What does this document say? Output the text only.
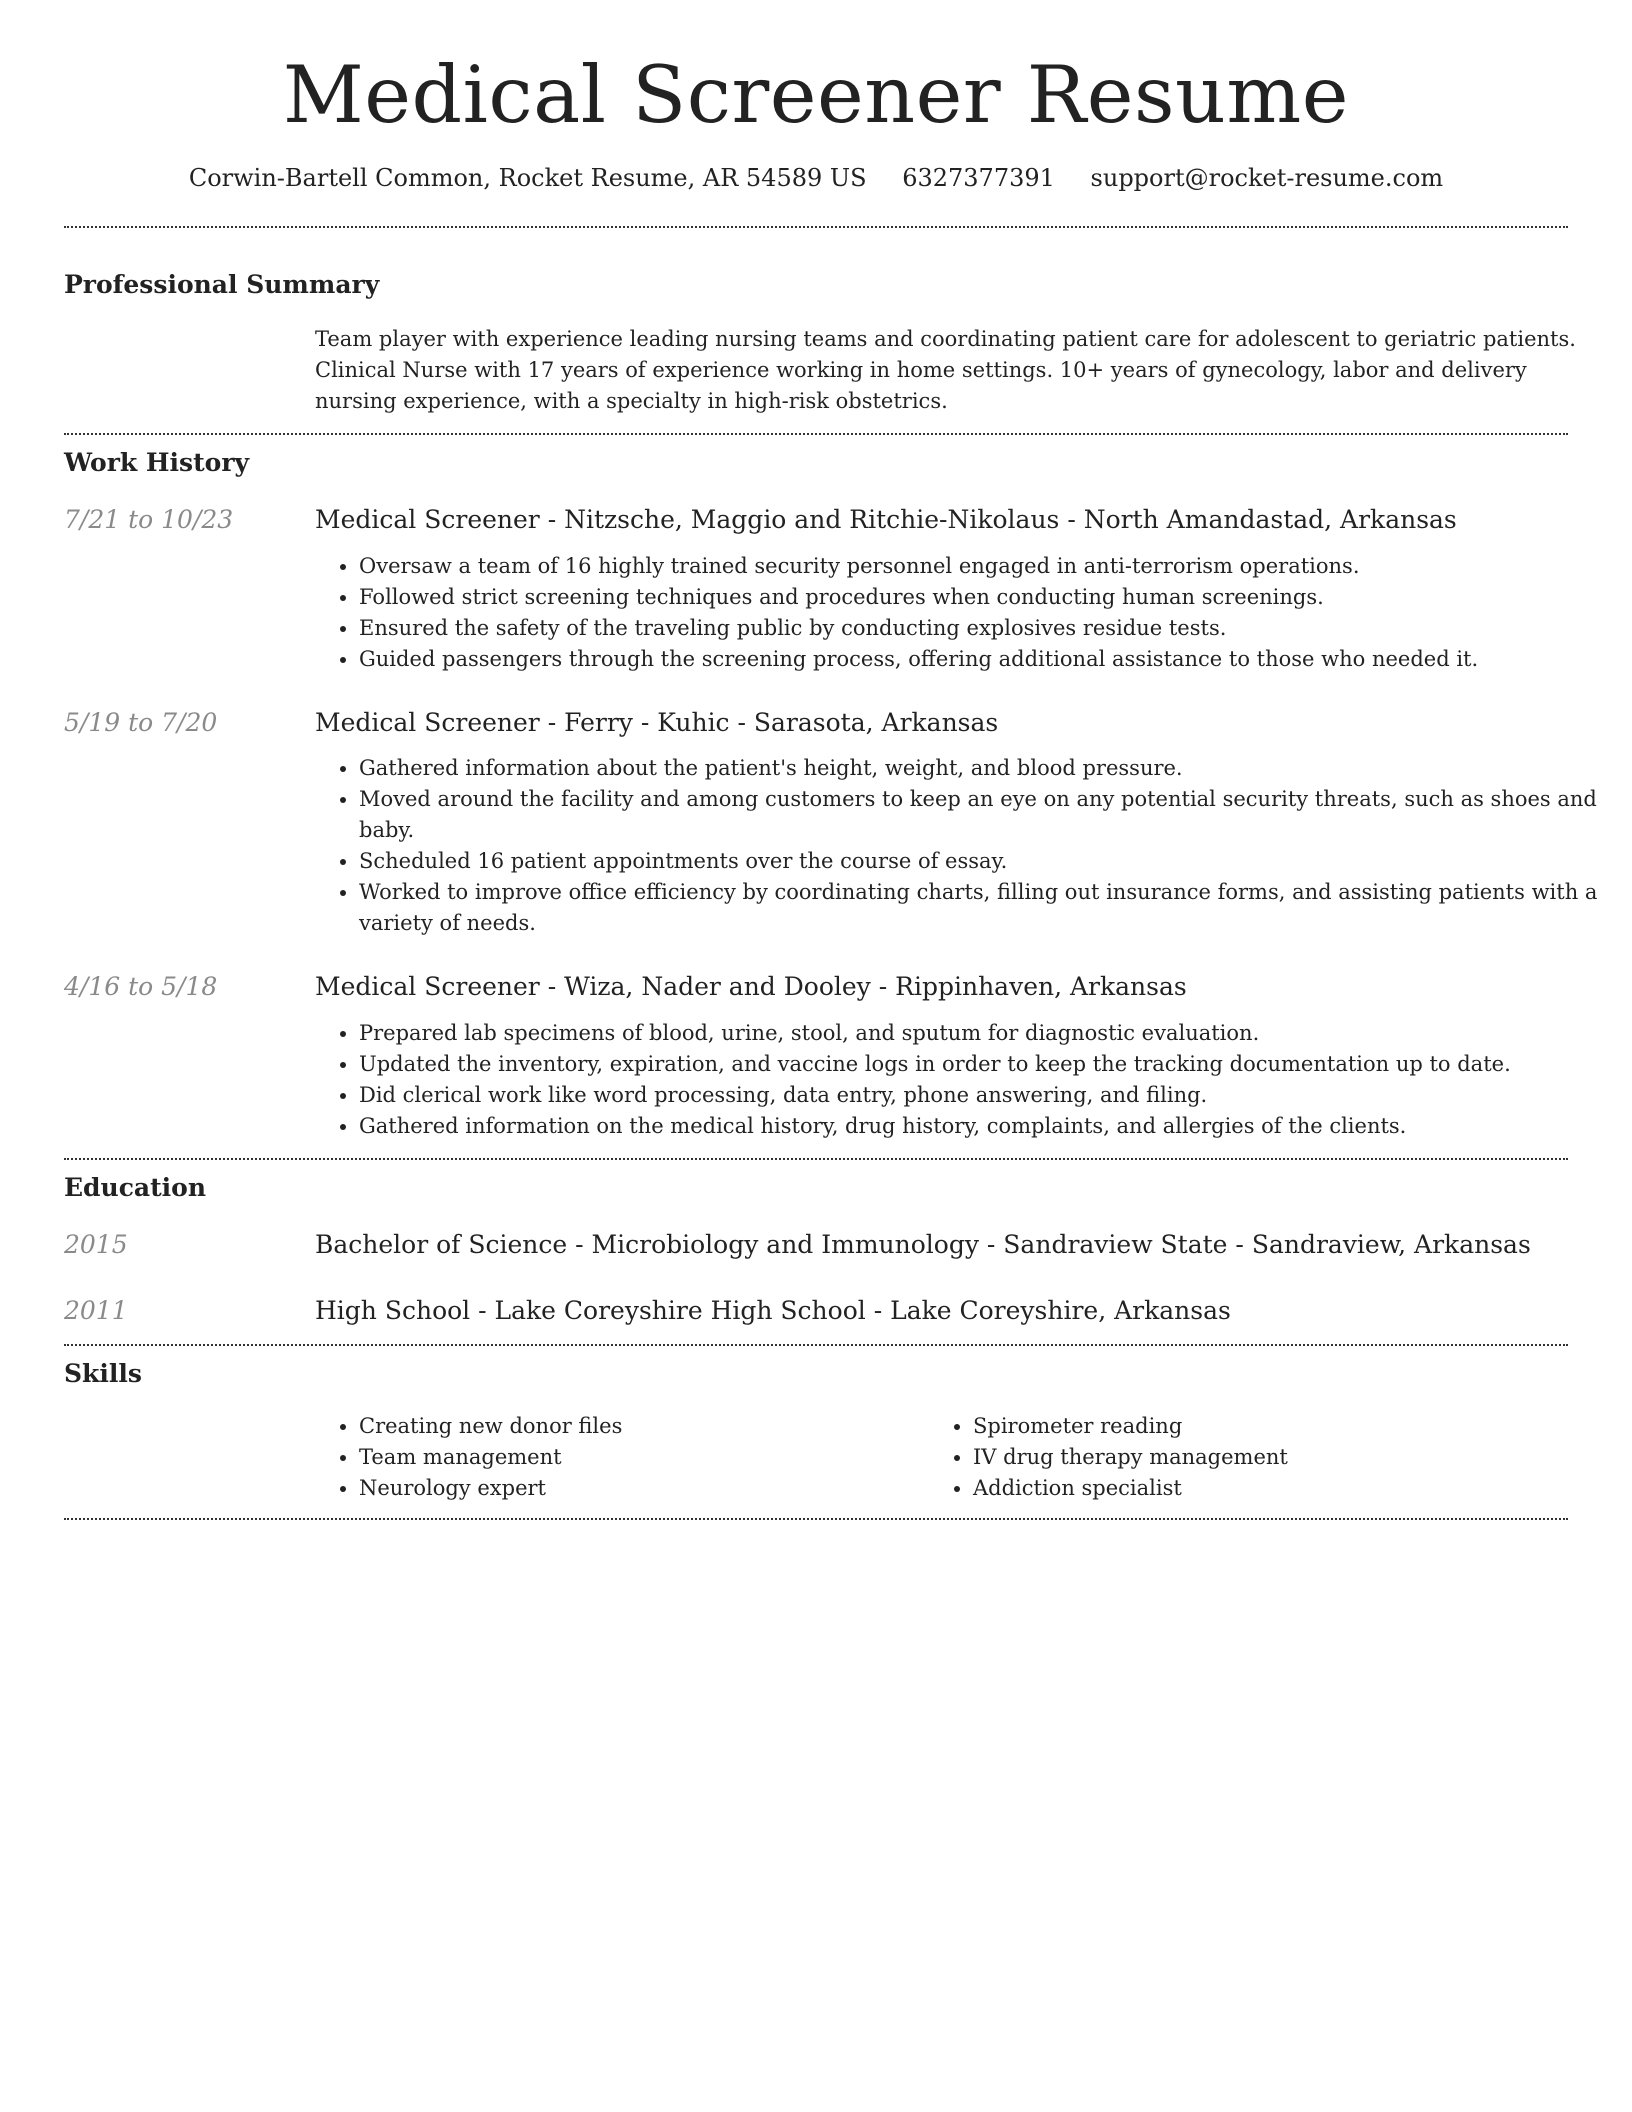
Medical Screener Resume
Corwin-Bartell Common, Rocket Resume, AR 54589 US 6327377391 support@rocket-resume.com
Professional Summary

Team player with experience leading nursing teams and coordinating patient care for adolescent to geriatric patients. Clinical Nurse with 17 years of experience working in home settings. 10+ years of gynecology, labor and delivery nursing experience, with a specialty in high-risk obstetrics.

Work History
7/21 to 10/23	Medical Screener - Nitzsche, Maggio and Ritchie-Nikolaus - North Amandastad, Arkansas
• Oversaw a team of 16 highly trained security personnel engaged in anti-terrorism operations.
• Followed strict screening techniques and procedures when conducting human screenings.
• Ensured the safety of the traveling public by conducting explosives residue tests.
• Guided passengers through the screening process, offering additional assistance to those who needed it.
5/19 to 7/20	Medical Screener - Ferry - Kuhic - Sarasota, Arkansas
• Gathered information about the patient's height, weight, and blood pressure.
• Moved around the facility and among customers to keep an eye on any potential security threats, such as shoes and baby.
• Scheduled 16 patient appointments over the course of essay.
• Worked to improve office efficiency by coordinating charts, filling out insurance forms, and assisting patients with a variety of needs.
4/16 to 5/18	Medical Screener - Wiza, Nader and Dooley - Rippinhaven, Arkansas
• Prepared lab specimens of blood, urine, stool, and sputum for diagnostic evaluation.
• Updated the inventory, expiration, and vaccine logs in order to keep the tracking documentation up to date.
• Did clerical work like word processing, data entry, phone answering, and filing.
• Gathered information on the medical history, drug history, complaints, and allergies of the clients.
Education
2015	Bachelor of Science - Microbiology and Immunology - Sandraview State - Sandraview, Arkansas
2011	High School - Lake Coreyshire High School - Lake Coreyshire, Arkansas
Skills
• Creating new donor files
• Team management
• Neurology expert
• Spirometer reading
• IV drug therapy management
• Addiction specialist
